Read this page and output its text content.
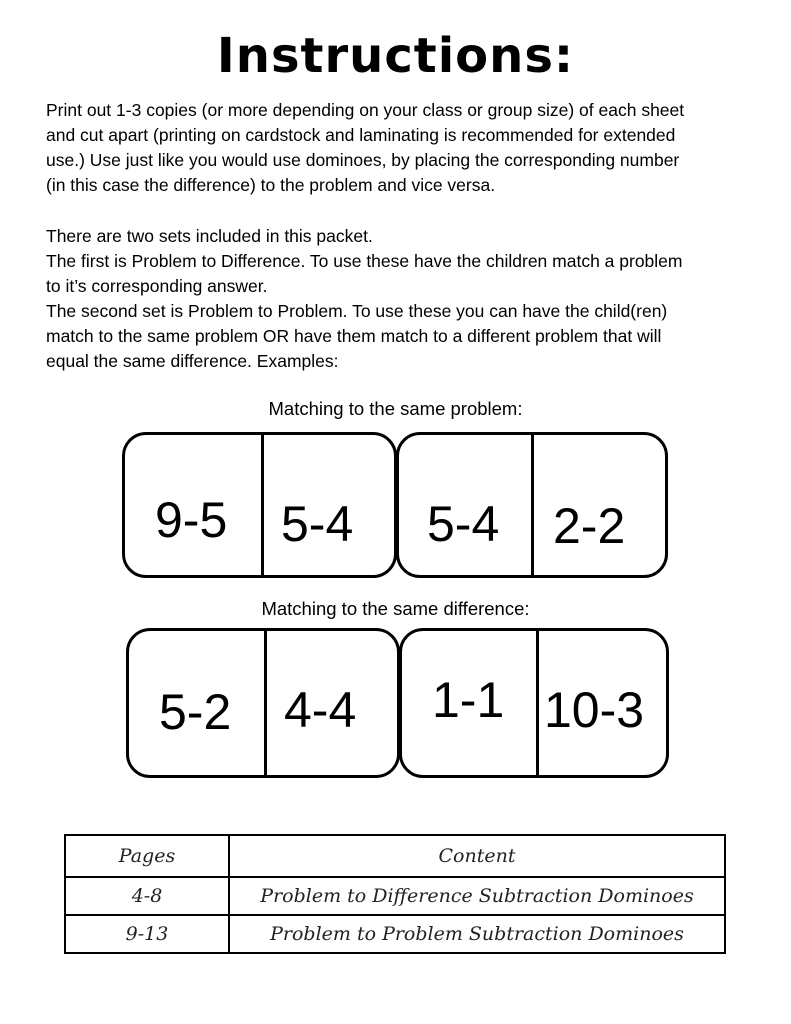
Instructions:
Print out 1-3 copies (or more depending on your class or group size) of each sheet
and cut apart (printing on cardstock and laminating is recommended for extended
use.) Use just like you would use dominoes, by placing the corresponding number
(in this case the difference) to the problem and vice versa.
There are two sets included in this packet.
The first is Problem to Difference. To use these have the children match a problem
to it’s corresponding answer.
The second set is Problem to Problem. To use these you can have the child(ren)
match to the same problem OR have them match to a different problem that will
equal the same difference. Examples:
Matching to the same problem:
9-5 5-4 5-4 2-2
Matching to the same difference:
5-2 4-4 1-1 10-3
Pages	Content
4-8	Problem to Difference Subtraction Dominoes
9-13	Problem to Problem Subtraction Dominoes
